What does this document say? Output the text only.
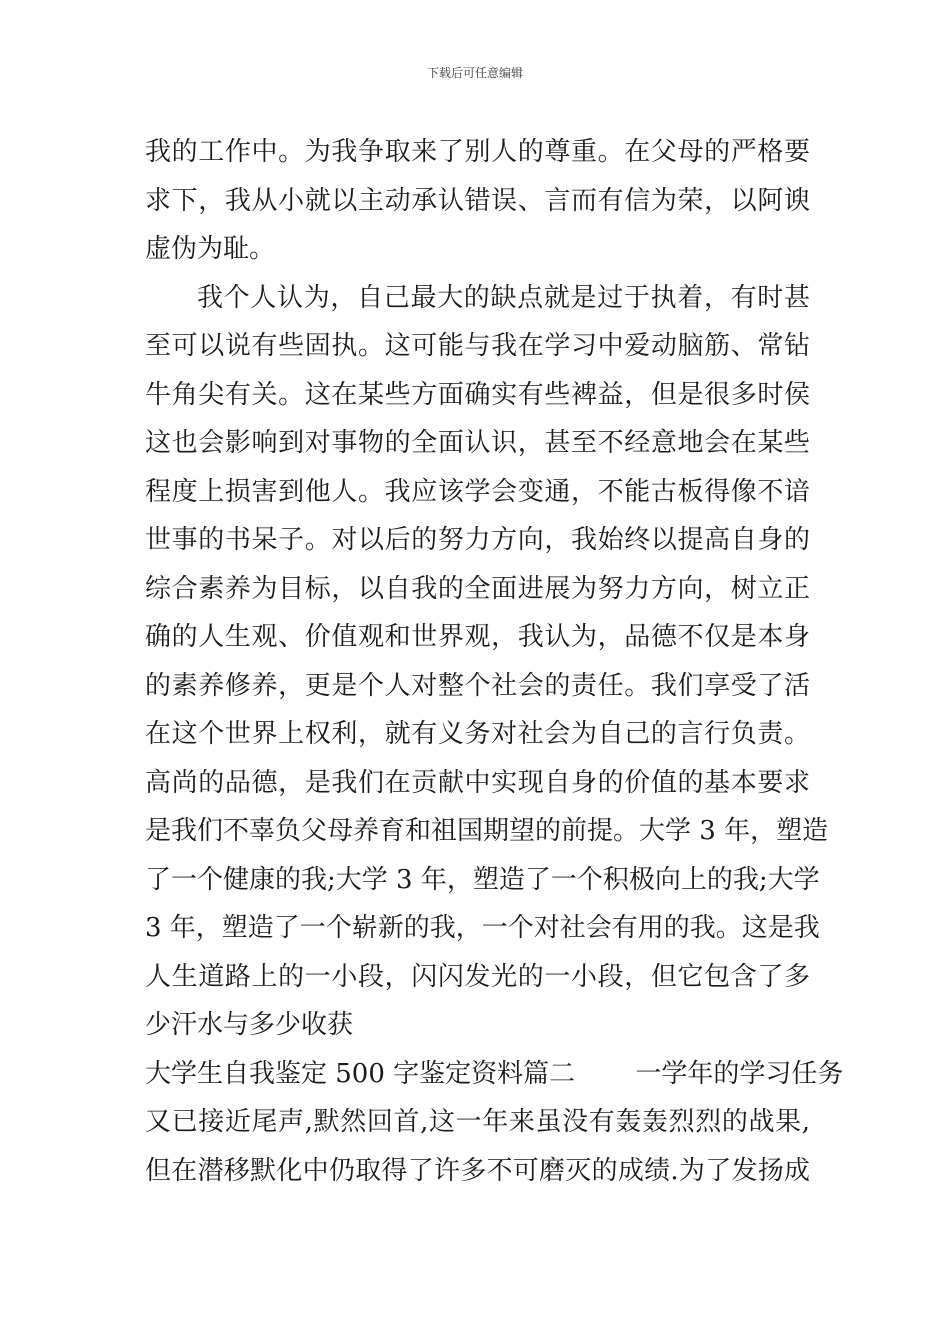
下载后可任意编辑
我的工作中。为我争取来了别人的尊重。在父母的严格要
求下，我从小就以主动承认错误、言而有信为荣，以阿谀
虚伪为耻。
我个人认为，自己最大的缺点就是过于执着，有时甚
至可以说有些固执。这可能与我在学习中爱动脑筋、常钻
牛角尖有关。这在某些方面确实有些裨益，但是很多时侯
这也会影响到对事物的全面认识，甚至不经意地会在某些
程度上损害到他人。我应该学会变通，不能古板得像不谙
世事的书呆子。对以后的努力方向，我始终以提高自身的
综合素养为目标，以自我的全面进展为努力方向，树立正
确的人生观、价值观和世界观，我认为，品德不仅是本身
的素养修养，更是个人对整个社会的责任。我们享受了活
在这个世界上权利，就有义务对社会为自己的言行负责。
高尚的品德，是我们在贡献中实现自身的价值的基本要求
是我们不辜负父母养育和祖国期望的前提。大学 3 年，塑造
了一个健康的我;大学 3 年，塑造了一个积极向上的我;大学
3 年，塑造了一个崭新的我，一个对社会有用的我。这是我
人生道路上的一小段，闪闪发光的一小段，但它包含了多
少汗水与多少收获
大学生自我鉴定 500 字鉴定资料篇二　　 一学年的学习任务
又已接近尾声,默然回首,这一年来虽没有轰轰烈烈的战果,
但在潜移默化中仍取得了许多不可磨灭的成绩.为了发扬成
